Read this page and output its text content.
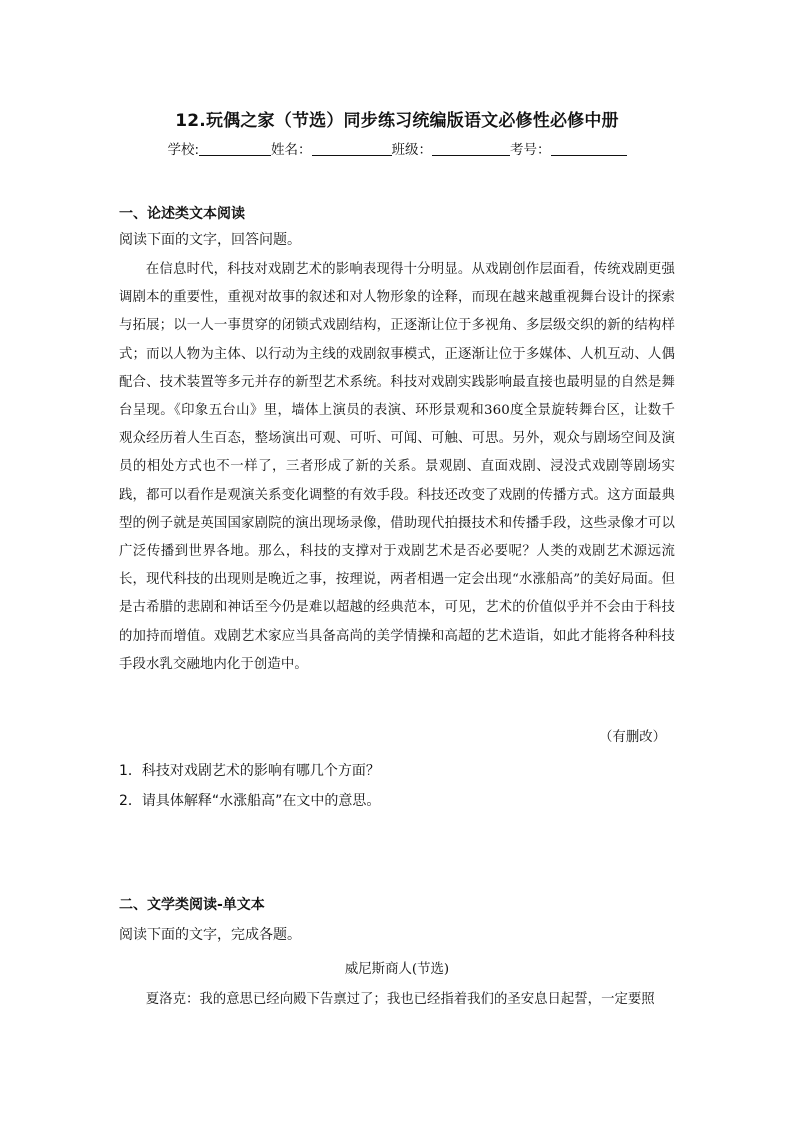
12.玩偶之家（节选）同步练习统编版语文必修性必修中册
学校:	姓名：	班级：	考号：
一、论述类文本阅读
阅读下面的文字，回答问题。
在信息时代，科技对戏剧艺术的影响表现得十分明显。从戏剧创作层面看，传统戏剧更强调剧本的重要性，重视对故事的叙述和对人物形象的诠释，而现在越来越重视舞台设计的探索与拓展；以一人一事贯穿的闭锁式戏剧结构，正逐渐让位于多视角、多层级交织的新的结构样式；而以人物为主体、以行动为主线的戏剧叙事模式，正逐渐让位于多媒体、人机互动、人偶配合、技术装置等多元并存的新型艺术系统。科技对戏剧实践影响最直接也最明显的自然是舞台呈现。《印象五台山》里，墙体上演员的表演、环形景观和360度全景旋转舞台区，让数千观众经历着人生百态，整场演出可观、可听、可闻、可触、可思。另外，观众与剧场空间及演员的相处方式也不一样了，三者形成了新的关系。景观剧、直面戏剧、浸没式戏剧等剧场实践，都可以看作是观演关系变化调整的有效手段。科技还改变了戏剧的传播方式。这方面最典型的例子就是英国国家剧院的演出现场录像，借助现代拍摄技术和传播手段，这些录像才可以广泛传播到世界各地。那么，科技的支撑对于戏剧艺术是否必要呢？人类的戏剧艺术源远流长，现代科技的出现则是晚近之事，按理说，两者相遇一定会出现“水涨船高”的美好局面。但是古希腊的悲剧和神话至今仍是难以超越的经典范本，可见，艺术的价值似乎并不会由于科技的加持而增值。戏剧艺术家应当具备高尚的美学情操和高超的艺术造诣，如此才能将各种科技手段水乳交融地内化于创造中。
（有删改）
1．科技对戏剧艺术的影响有哪几个方面？
2．请具体解释“水涨船高”在文中的意思。
二、文学类阅读-单文本
阅读下面的文字，完成各题。
威尼斯商人(节选)
夏洛克：我的意思已经向殿下告禀过了；我也已经指着我们的圣安息日起誓，一定要照
